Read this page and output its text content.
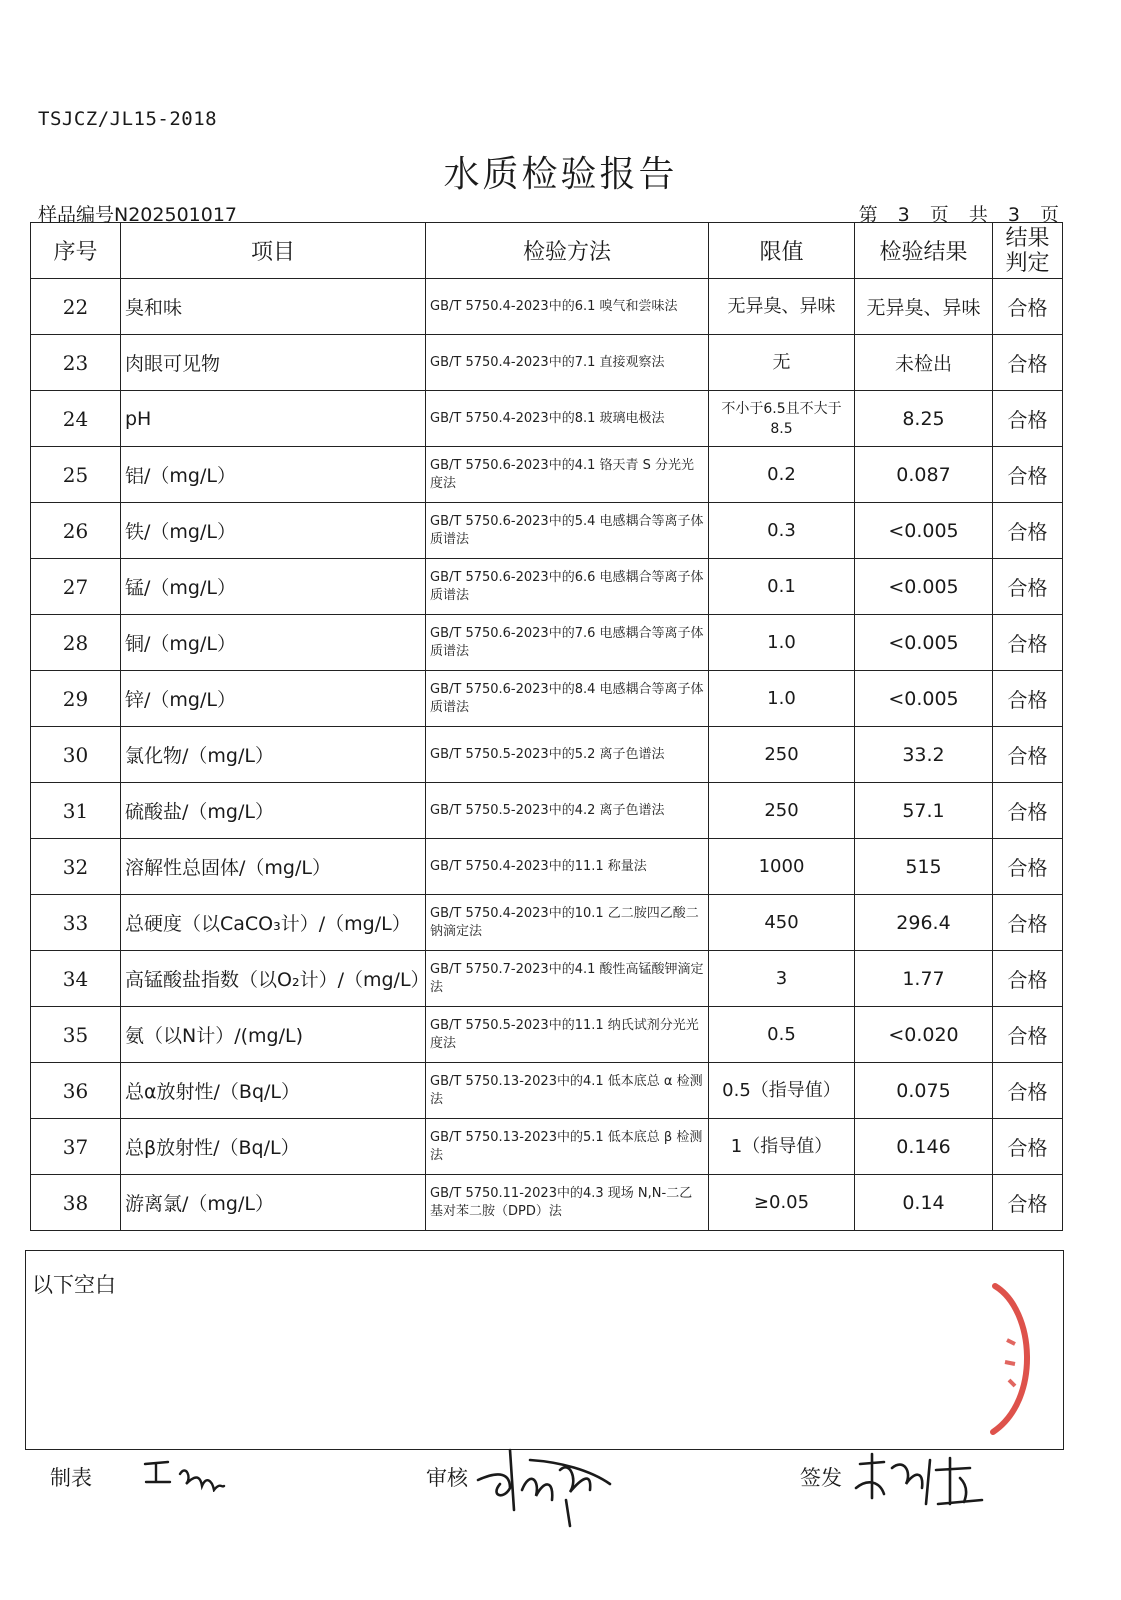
TSJCZ/JL15-2018
水质检验报告
样品编号N202501017	第 3 页 共 3 页
序号	项目	检验方法	限值	检验结果	结果判定
22	臭和味	GB/T 5750.4-2023中的6.1 嗅气和尝味法	无异臭、异味	无异臭、异味	合格
23	肉眼可见物	GB/T 5750.4-2023中的7.1 直接观察法	无	未检出	合格
24	pH	GB/T 5750.4-2023中的8.1 玻璃电极法	不小于6.5且不大于8.5	8.25	合格
25	铝/（mg/L）	GB/T 5750.6-2023中的4.1 铬天青 S 分光光度法	0.2	0.087	合格
26	铁/（mg/L）	GB/T 5750.6-2023中的5.4 电感耦合等离子体质谱法	0.3	<0.005	合格
27	锰/（mg/L）	GB/T 5750.6-2023中的6.6 电感耦合等离子体质谱法	0.1	<0.005	合格
28	铜/（mg/L）	GB/T 5750.6-2023中的7.6 电感耦合等离子体质谱法	1.0	<0.005	合格
29	锌/（mg/L）	GB/T 5750.6-2023中的8.4 电感耦合等离子体质谱法	1.0	<0.005	合格
30	氯化物/（mg/L）	GB/T 5750.5-2023中的5.2 离子色谱法	250	33.2	合格
31	硫酸盐/（mg/L）	GB/T 5750.5-2023中的4.2 离子色谱法	250	57.1	合格
32	溶解性总固体/（mg/L）	GB/T 5750.4-2023中的11.1 称量法	1000	515	合格
33	总硬度（以CaCO₃计）/（mg/L）	GB/T 5750.4-2023中的10.1 乙二胺四乙酸二钠滴定法	450	296.4	合格
34	高锰酸盐指数（以O₂计）/（mg/L）	GB/T 5750.7-2023中的4.1 酸性高锰酸钾滴定法	3	1.77	合格
35	氨（以N计）/(mg/L)	GB/T 5750.5-2023中的11.1 纳氏试剂分光光度法	0.5	<0.020	合格
36	总α放射性/（Bq/L）	GB/T 5750.13-2023中的4.1 低本底总 α 检测法	0.5（指导值）	0.075	合格
37	总β放射性/（Bq/L）	GB/T 5750.13-2023中的5.1 低本底总 β 检测法	1（指导值）	0.146	合格
38	游离氯/（mg/L）	GB/T 5750.11-2023中的4.3 现场 N,N-二乙基对苯二胺（DPD）法	≥0.05	0.14	合格
以下空白
制表	审核	签发
